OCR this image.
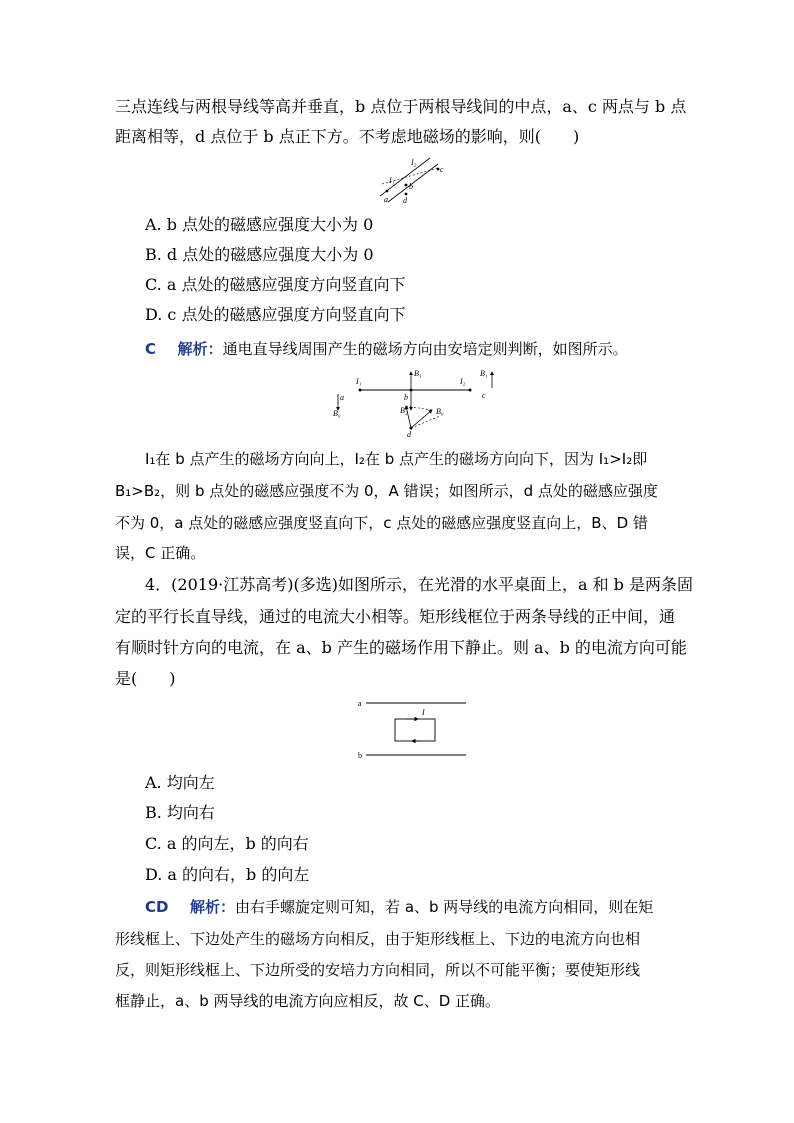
三点连线与两根导线等高并垂直，b 点位于两根导线间的中点，a、c 两点与 b 点
距离相等，d 点位于 b 点正下方。不考虑地磁场的影响，则(　　)
I₁
I₂
a
b
c
d
A. b 点处的磁感应强度大小为 0
B. d 点处的磁感应强度大小为 0
C. a 点处的磁感应强度方向竖直向下
D. c 点处的磁感应强度方向竖直向下
C 解析：通电直导线周围产生的磁场方向由安培定则判断，如图所示。
I₁	I₂
B₁
B₂
B₁
B₀	B₀
a	b	c
d
I₁在 b 点产生的磁场方向向上，I₂在 b 点产生的磁场方向向下，因为 I₁>I₂即
B₁>B₂，则 b 点处的磁感应强度不为 0，A 错误；如图所示，d 点处的磁感应强度
不为 0，a 点处的磁感应强度竖直向下，c 点处的磁感应强度竖直向上，B、D 错
误，C 正确。
4．(2019·江苏高考)(多选)如图所示，在光滑的水平桌面上，a 和 b 是两条固
定的平行长直导线，通过的电流大小相等。矩形线框位于两条导线的正中间，通
有顺时针方向的电流，在 a、b 产生的磁场作用下静止。则 a、b 的电流方向可能
是(　　)
a
b
I
A. 均向左
B. 均向右
C. a 的向左，b 的向右
D. a 的向右，b 的向左
CD 解析：由右手螺旋定则可知，若 a、b 两导线的电流方向相同，则在矩
形线框上、下边处产生的磁场方向相反，由于矩形线框上、下边的电流方向也相
反，则矩形线框上、下边所受的安培力方向相同，所以不可能平衡；要使矩形线
框静止，a、b 两导线的电流方向应相反，故 C、D 正确。
